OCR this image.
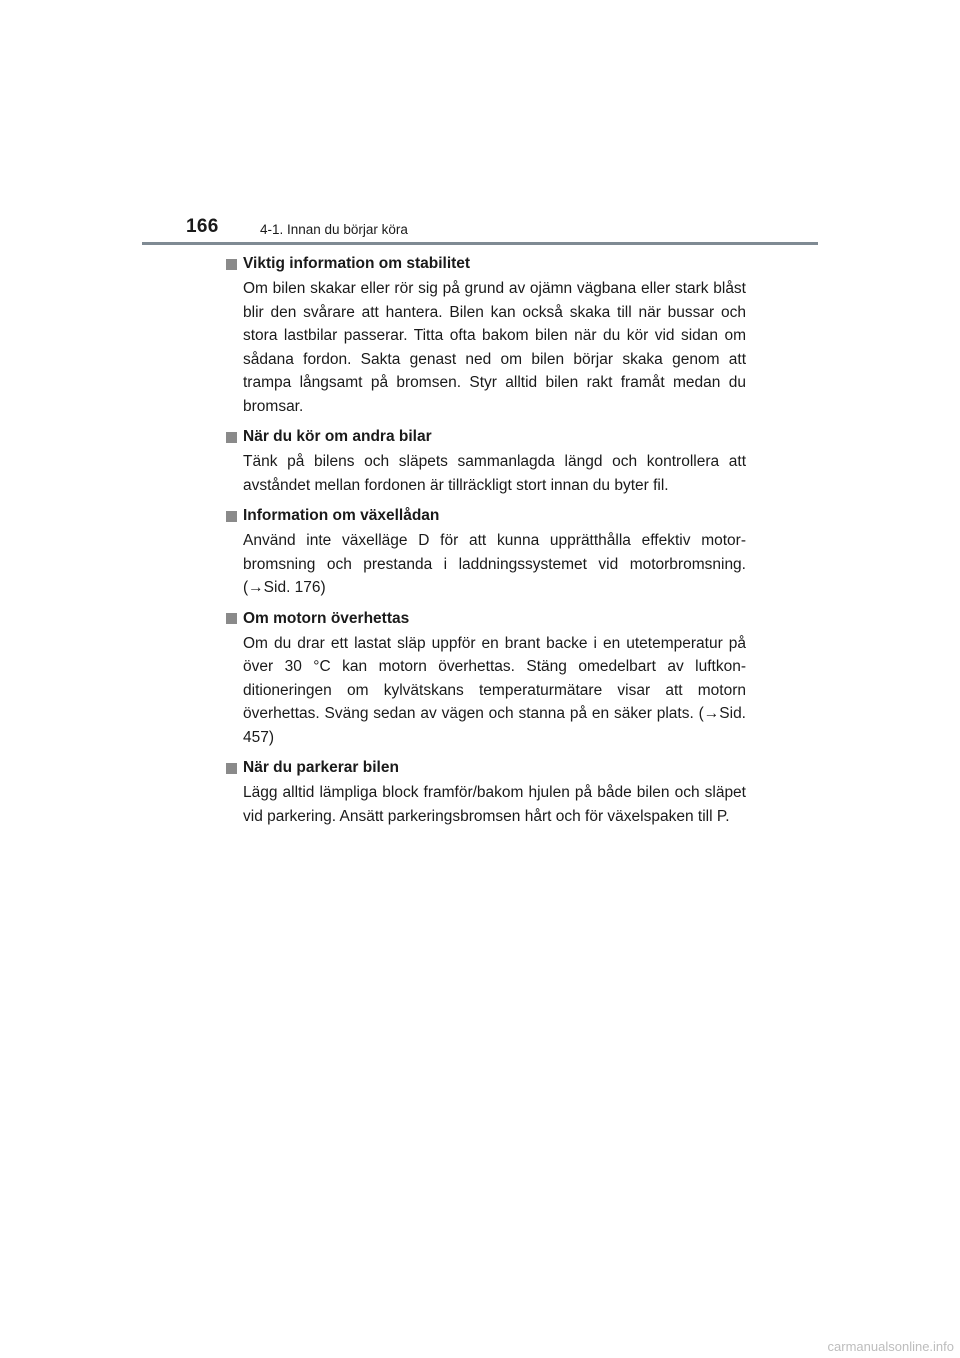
166	4-1. Innan du börjar köra
Viktig information om stabilitet
Om bilen skakar eller rör sig på grund av ojämn vägbana eller stark blåst blir den svårare att hantera. Bilen kan också skaka till när bussar och stora lastbilar passerar. Titta ofta bakom bilen när du kör vid sidan om sådana fordon. Sakta genast ned om bilen börjar skaka genom att trampa långsamt på bromsen. Styr alltid bilen rakt framåt medan du bromsar.
När du kör om andra bilar
Tänk på bilens och släpets sammanlagda längd och kontrollera att avståndet mellan fordonen är tillräckligt stort innan du byter fil.
Information om växellådan
Använd inte växelläge D för att kunna upprätthålla effektiv motor- bromsning och prestanda i laddningssystemet vid motorbromsning. (→Sid. 176)
Om motorn överhettas
Om du drar ett lastat släp uppför en brant backe i en utetemperatur på över 30 °C kan motorn överhettas. Stäng omedelbart av luftkon- ditioneringen om kylvätskans temperaturmätare visar att motorn överhettas. Sväng sedan av vägen och stanna på en säker plats. (→Sid. 457)
När du parkerar bilen
Lägg alltid lämpliga block framför/bakom hjulen på både bilen och släpet vid parkering. Ansätt parkeringsbromsen hårt och för växelspaken till P.
carmanualsonline.info
